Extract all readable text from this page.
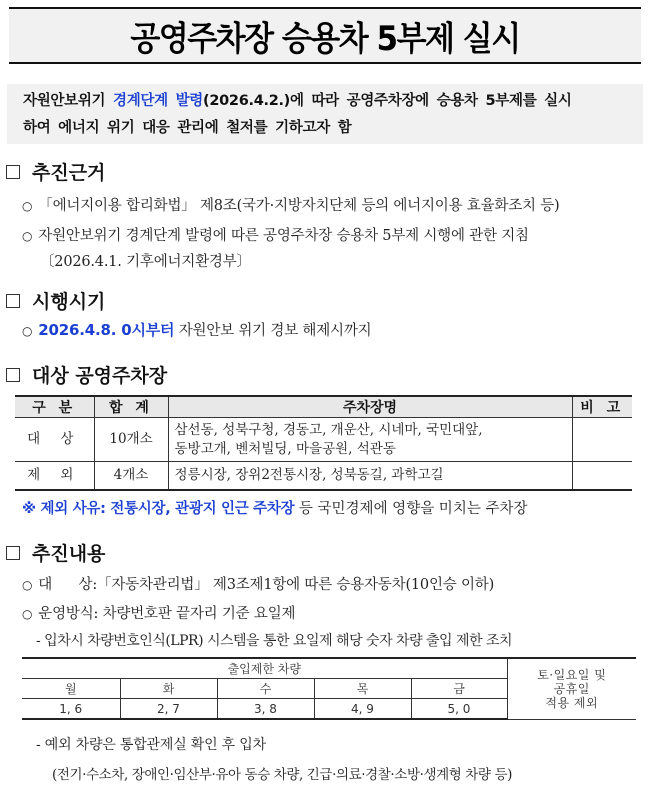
공영주차장 승용차 5부제 실시
자원안보위기 경계단계 발령(2026.4.2.)에 따라 공영주차장에 승용차 5부제를 실시
하여 에너지 위기 대응 관리에 철저를 기하고자 함
추진근거
○ 「에너지이용 합리화법」 제8조(국가·지방자치단체 등의 에너지이용 효율화조치 등)
○ 자원안보위기 경계단계 발령에 따른 공영주차장 승용차 5부제 시행에 관한 지침
〔2026.4.1. 기후에너지환경부〕
시행시기
○ 2026.4.8. 0시부터 자원안보 위기 경보 해제시까지
대상 공영주차장
구 분	합 계	주차장명	비 고
대 상	10개소	삼선동, 성북구청, 경동고, 개운산, 시네마, 국민대앞,
동방고개, 벤처빌딩, 마을공원, 석관동	

제 외	4개소	정릉시장, 장위2전통시장, 성북동길, 과학고길	

※ 제외 사유: 전통시장, 관광지 인근 주차장 등 국민경제에 영향을 미치는 주차장
추진내용
○ 대      상:「자동차관리법」 제3조제1항에 따른 승용자동차(10인승 이하)
○ 운영방식: 차량번호판 끝자리 기준 요일제
- 입차시 차량번호인식(LPR) 시스템을 통한 요일제 해당 숫자 차량 출입 제한 조치
출입제한 차량					토·일요일 및
공휴일
적용 제외

월	화	수	목	금	
1, 6	2, 7	3, 8	4, 9	5, 0	
- 예외 차량은 통합관제실 확인 후 입차
(전기·수소차, 장애인·임산부·유아 동승 차량, 긴급·의료·경찰·소방·생계형 차량 등)
